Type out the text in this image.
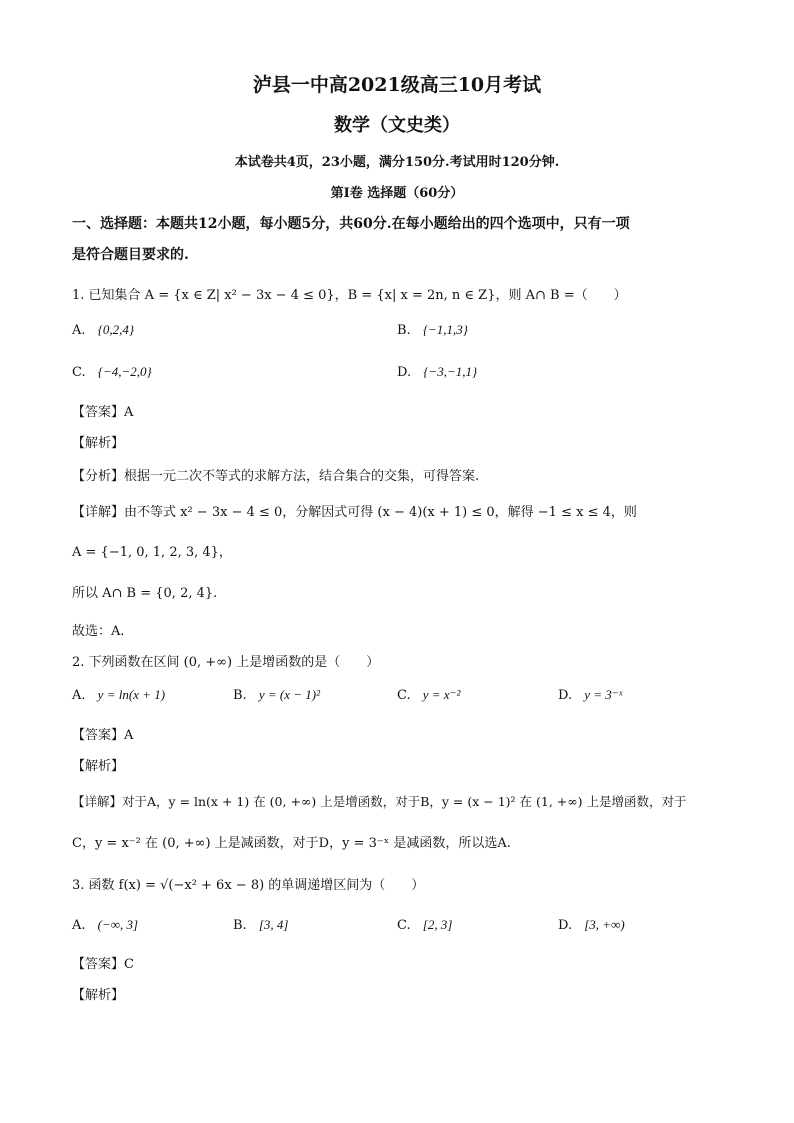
泸县一中高2021级高三10月考试
数学（文史类）
本试卷共4页，23小题，满分150分.考试用时120分钟.
第I卷 选择题（60分）
一、选择题：本题共12小题，每小题5分，共60分.在每小题给出的四个选项中，只有一项
是符合题目要求的.
1. 已知集合 A = {x ∈ Z| x² − 3x − 4 ≤ 0}，B = {x| x = 2n, n ∈ Z}，则 A∩ B =（　　）
A. {0,2,4}	B. {−1,1,3}
C. {−4,−2,0}	D. {−3,−1,1}
【答案】A
【解析】
【分析】根据一元二次不等式的求解方法，结合集合的交集，可得答案.
【详解】由不等式 x² − 3x − 4 ≤ 0，分解因式可得 (x − 4)(x + 1) ≤ 0，解得 −1 ≤ x ≤ 4，则
A = {−1, 0, 1, 2, 3, 4}，
所以 A∩ B = {0, 2, 4}.
故选：A.
2. 下列函数在区间 (0, +∞) 上是增函数的是（　　）
A. y = ln(x + 1)	B. y = (x − 1)²	C. y = x⁻²	D. y = 3⁻ˣ
【答案】A
【解析】
【详解】对于A，y = ln(x + 1) 在 (0, +∞) 上是增函数，对于B，y = (x − 1)² 在 (1, +∞) 上是增函数，对于
C，y = x⁻² 在 (0, +∞) 上是减函数，对于D，y = 3⁻ˣ 是减函数，所以选A.
3. 函数 f(x) = √(−x² + 6x − 8) 的单调递增区间为（　　）
A. (−∞, 3]	B. [3, 4]	C. [2, 3]	D. [3, +∞)
【答案】C
【解析】
